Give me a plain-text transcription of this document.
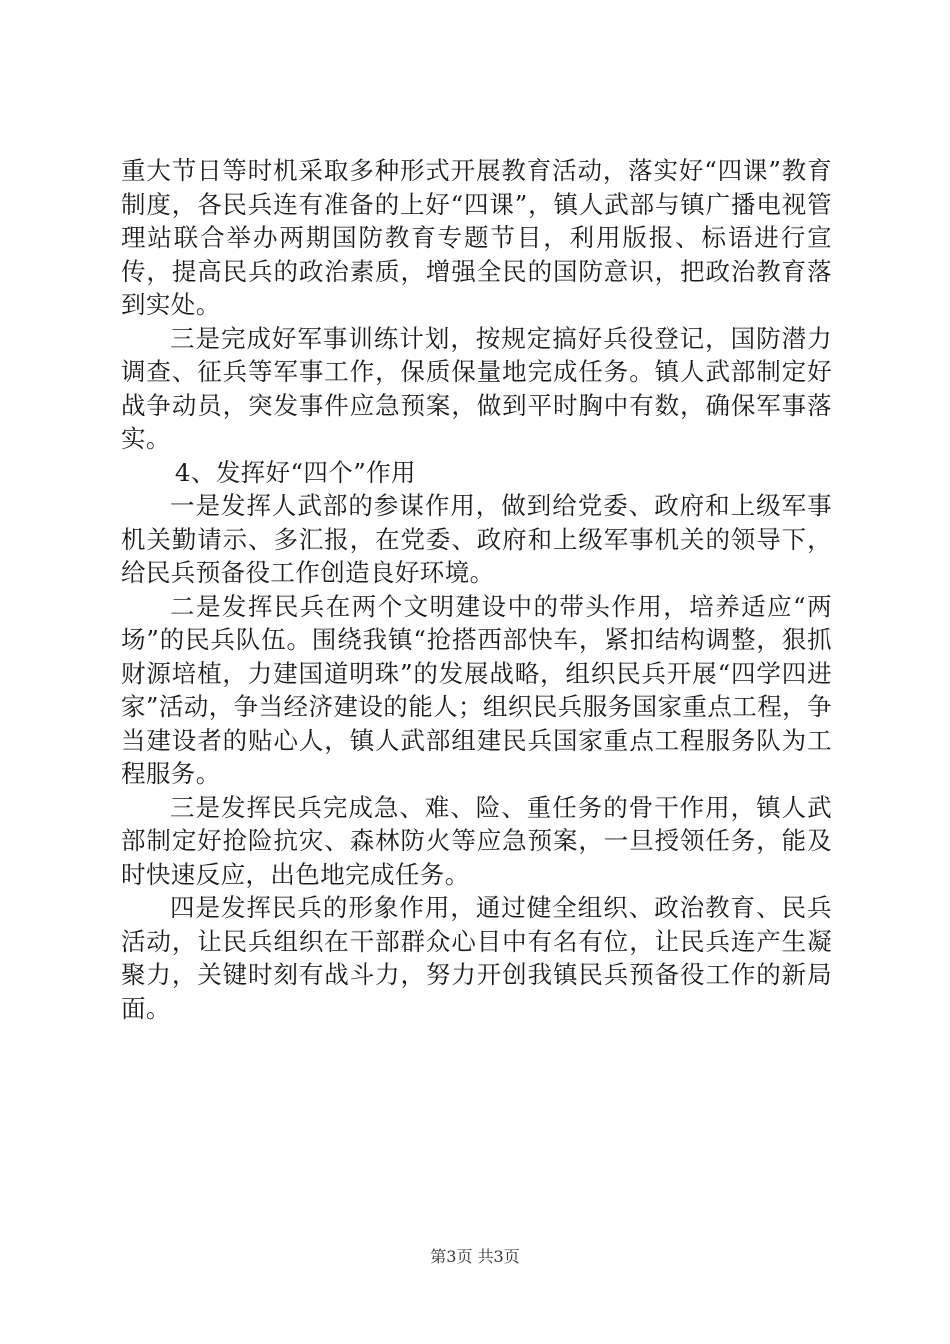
重大节日等时机采取多种形式开展教育活动，落实好“四课”教育制度，各民兵连有准备的上好“四课”，镇人武部与镇广播电视管理站联合举办两期国防教育专题节目，利用版报、标语进行宣传，提高民兵的政治素质，增强全民的国防意识，把政治教育落到实处。

三是完成好军事训练计划，按规定搞好兵役登记，国防潜力调查、征兵等军事工作，保质保量地完成任务。镇人武部制定好战争动员，突发事件应急预案，做到平时胸中有数，确保军事落实。

4、发挥好“四个”作用

一是发挥人武部的参谋作用，做到给党委、政府和上级军事机关勤请示、多汇报，在党委、政府和上级军事机关的领导下，给民兵预备役工作创造良好环境。

二是发挥民兵在两个文明建设中的带头作用，培养适应“两场”的民兵队伍。围绕我镇“抢搭西部快车，紧扣结构调整，狠抓财源培植，力建国道明珠”的发展战略，组织民兵开展“四学四进家”活动，争当经济建设的能人；组织民兵服务国家重点工程，争当建设者的贴心人，镇人武部组建民兵国家重点工程服务队为工程服务。

三是发挥民兵完成急、难、险、重任务的骨干作用，镇人武部制定好抢险抗灾、森林防火等应急预案，一旦授领任务，能及时快速反应，出色地完成任务。

四是发挥民兵的形象作用，通过健全组织、政治教育、民兵活动，让民兵组织在干部群众心目中有名有位，让民兵连产生凝聚力，关键时刻有战斗力，努力开创我镇民兵预备役工作的新局面。

第3页 共3页
